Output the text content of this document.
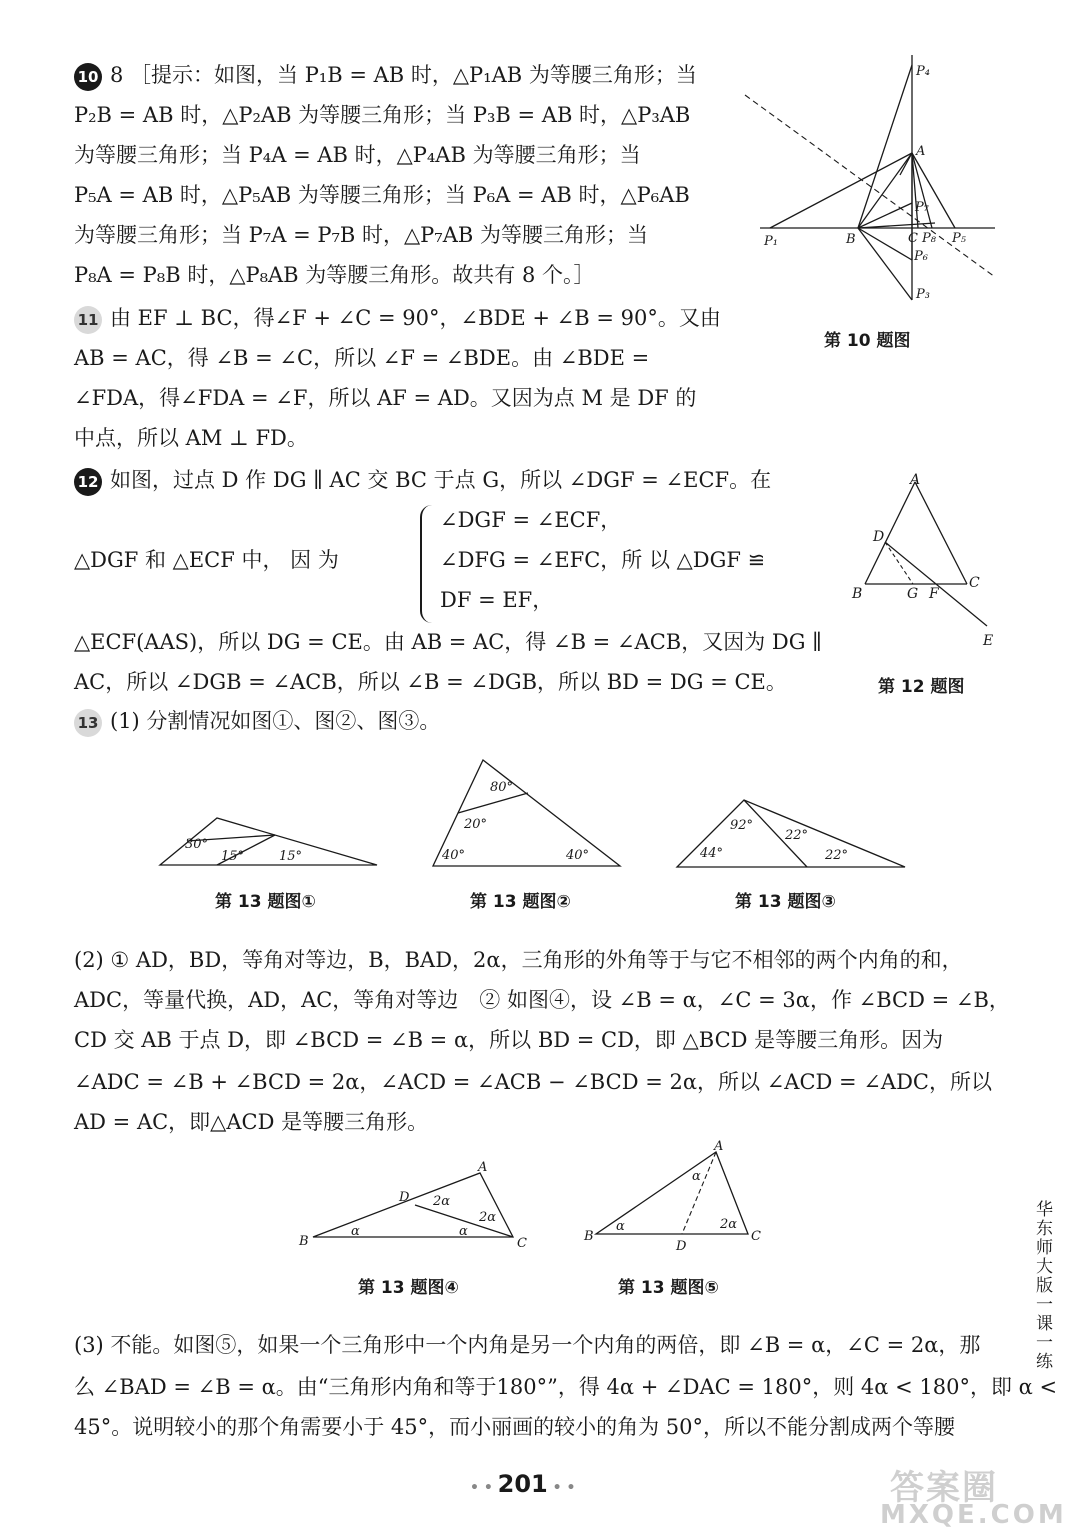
10 8 ［提示：如图，当 P₁B = AB 时，△P₁AB 为等腰三角形；当
P₂B = AB 时，△P₂AB 为等腰三角形；当 P₃B = AB 时，△P₃AB
为等腰三角形；当 P₄A = AB 时，△P₄AB 为等腰三角形；当
P₅A = AB 时，△P₅AB 为等腰三角形；当 P₆A = AB 时，△P₆AB
为等腰三角形；当 P₇A = P₇B 时，△P₇AB 为等腰三角形；当
P₈A = P₈B 时，△P₈AB 为等腰三角形。故共有 8 个。］
P₄
A
P₇
P₁	B	C P₈ P₅
P₆
P₃
第 10 题图
11 由 EF ⊥ BC，得∠F + ∠C = 90°，∠BDE + ∠B = 90°。又由
AB = AC，得 ∠B = ∠C，所以 ∠F = ∠BDE。由 ∠BDE =
∠FDA，得∠FDA = ∠F，所以 AF = AD。又因为点 M 是 DF 的
中点，所以 AM ⊥ FD。
12 如图，过点 D 作 DG ∥ AC 交 BC 于点 G，所以 ∠DGF = ∠ECF。在
△DGF 和 △ECF 中， 因 为
∠DGF = ∠ECF，
∠DFG = ∠EFC，所 以 △DGF ≌
DF = EF，
△ECF(AAS)，所以 DG = CE。由 AB = AC，得 ∠B = ∠ACB，又因为 DG ∥
AC，所以 ∠DGB = ∠ACB，所以 ∠B = ∠DGB，所以 BD = DG = CE。
A
D
C
B	G F
E
第 12 题图
13 (1) 分割情况如图①、图②、图③。
30°
15°	15°
第 13 题图①
80°
20°
40°	40°
第 13 题图②
92°
22°
44°	22°
第 13 题图③
(2) ① AD，BD，等角对等边，B，BAD，2α，三角形的外角等于与它不相邻的两个内角的和，
ADC，等量代换，AD，AC，等角对等边　② 如图④，设 ∠B = α，∠C = 3α，作 ∠BCD = ∠B，
CD 交 AB 于点 D，即 ∠BCD = ∠B = α，所以 BD = CD，即 △BCD 是等腰三角形。因为
∠ADC = ∠B + ∠BCD = 2α，∠ACD = ∠ACB − ∠BCD = 2α，所以 ∠ACD = ∠ADC，所以
AD = AC，即△ACD 是等腰三角形。
A
D
B	C
2α
2α
α	α
第 13 题图④
A
B	C
D
α
α	2α
第 13 题图⑤
(3) 不能。如图⑤，如果一个三角形中一个内角是另一个内角的两倍，即 ∠B = α，∠C = 2α，那
么 ∠BAD = ∠B = α。由“三角形内角和等于180°”，得 4α + ∠DAC = 180°，则 4α < 180°，即 α <
45°。说明较小的那个角需要小于 45°，而小丽画的较小的角为 50°，所以不能分割成两个等腰
华东师大版一课一练
• • 201 • •	答案圈
MXQE.COM
